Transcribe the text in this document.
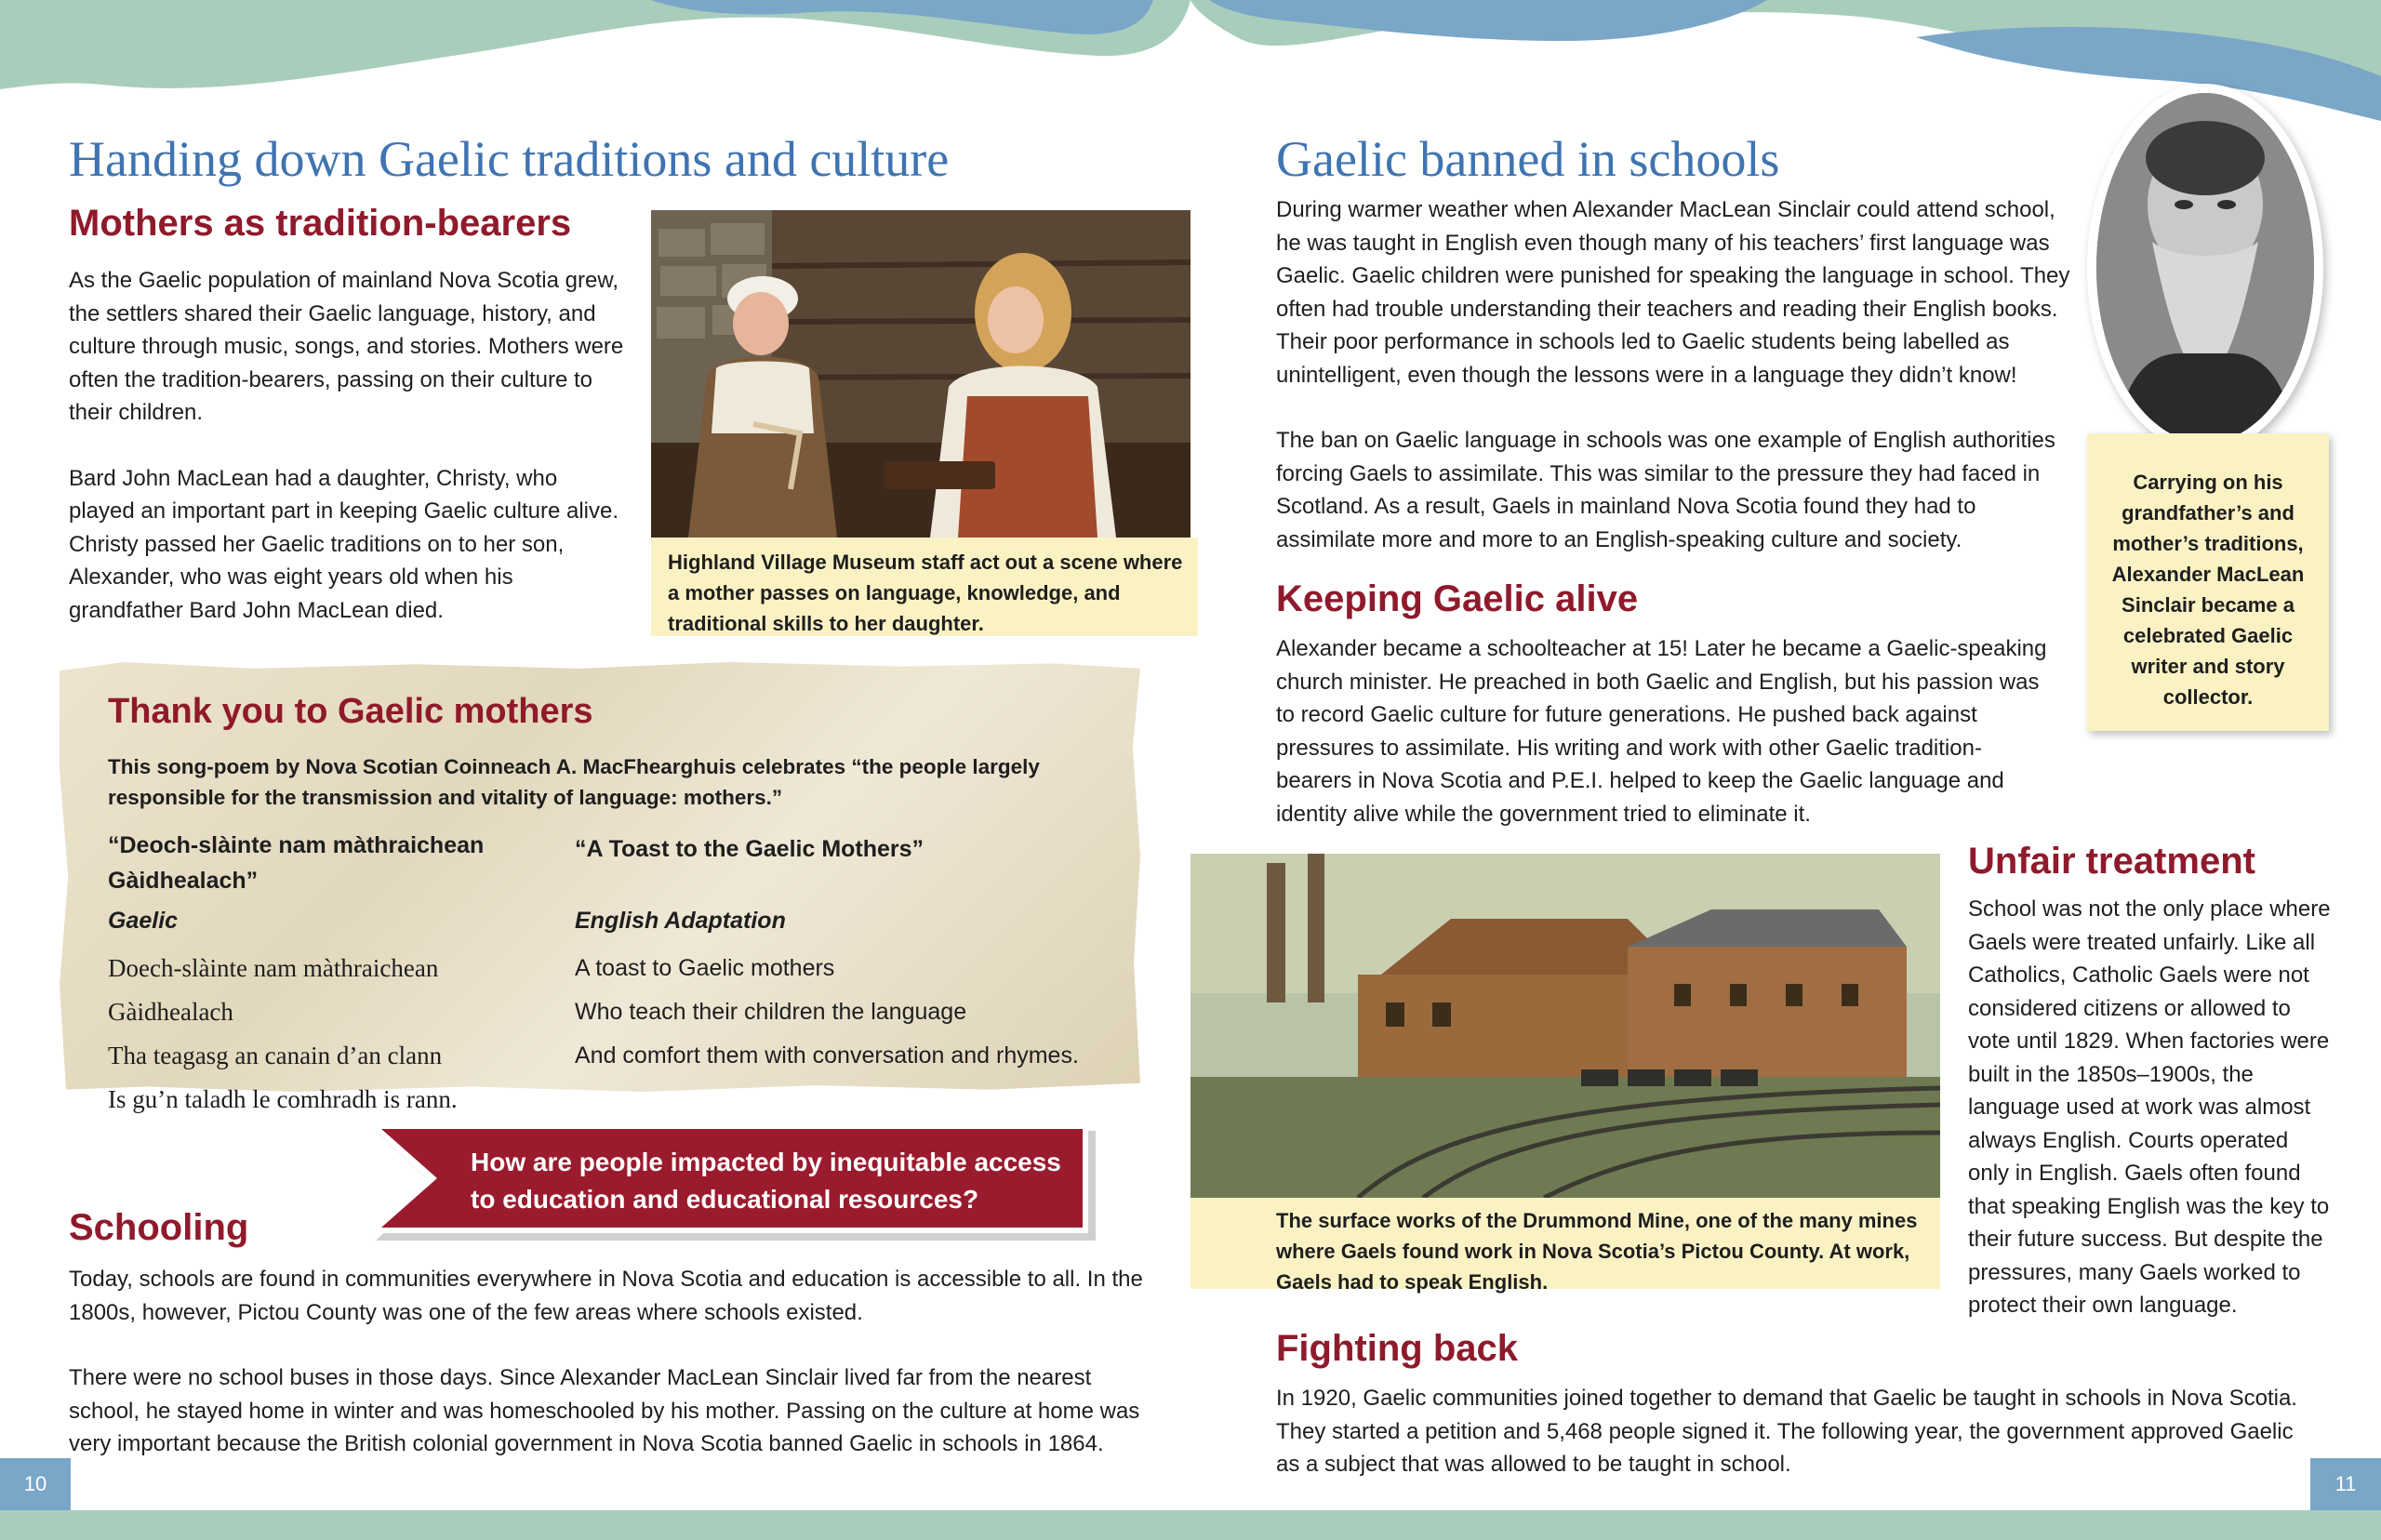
Handing down Gaelic traditions and culture
Mothers as tradition-bearers

As the Gaelic population of mainland Nova Scotia grew, the settlers shared their Gaelic language, history, and culture through music, songs, and stories. Mothers were often the tradition-bearers, passing on their culture to their children.

Bard John MacLean had a daughter, Christy, who played an important part in keeping Gaelic culture alive. Christy passed her Gaelic traditions on to her son, Alexander, who was eight years old when his grandfather Bard John MacLean died.

Highland Village Museum staff act out a scene where a mother passes on language, knowledge, and traditional skills to her daughter.
Thank you to Gaelic mothers
This song-poem by Nova Scotian Coinneach A. MacFhearghuis celebrates “the people largely responsible for the transmission and vitality of language: mothers.”
“Deoch-slàinte nam màthraichean Gàidhealach”
“A Toast to the Gaelic Mothers”
Gaelic	English Adaptation
Doech-slàinte nam màthraichean Gàidhealach
Tha teagasg an canain d’an clann
Is gu’n taladh le comhradh is rann.
A toast to Gaelic mothers
Who teach their children the language
And comfort them with conversation and rhymes.
How are people impacted by inequitable access to education and educational resources?
Schooling

Today, schools are found in communities everywhere in Nova Scotia and education is accessible to all. In the 1800s, however, Pictou County was one of the few areas where schools existed.

There were no school buses in those days. Since Alexander MacLean Sinclair lived far from the nearest school, he stayed home in winter and was homeschooled by his mother. Passing on the culture at home was very important because the British colonial government in Nova Scotia banned Gaelic in schools in 1864.

10
Gaelic banned in schools

During warmer weather when Alexander MacLean Sinclair could attend school, he was taught in English even though many of his teachers’ first language was Gaelic. Gaelic children were punished for speaking the language in school. They often had trouble understanding their teachers and reading their English books. Their poor performance in schools led to Gaelic students being labelled as unintelligent, even though the lessons were in a language they didn’t know!

The ban on Gaelic language in schools was one example of English authorities forcing Gaels to assimilate. This was similar to the pressure they had faced in Scotland. As a result, Gaels in mainland Nova Scotia found they had to assimilate more and more to an English-speaking culture and society.

Carrying on his grandfather’s and mother’s traditions, Alexander MacLean Sinclair became a celebrated Gaelic writer and story collector.
Keeping Gaelic alive
Alexander became a schoolteacher at 15! Later he became a Gaelic-speaking church minister. He preached in both Gaelic and English, but his passion was to record Gaelic culture for future generations. He pushed back against pressures to assimilate. His writing and work with other Gaelic tradition-bearers in Nova Scotia and P.E.I. helped to keep the Gaelic language and identity alive while the government tried to eliminate it.
The surface works of the Drummond Mine, one of the many mines where Gaels found work in Nova Scotia’s Pictou County. At work, Gaels had to speak English.
Unfair treatment
School was not the only place where Gaels were treated unfairly. Like all Catholics, Catholic Gaels were not considered citizens or allowed to vote until 1829. When factories were built in the 1850s–1900s, the language used at work was almost always English. Courts operated only in English. Gaels often found that speaking English was the key to their future success. But despite the pressures, many Gaels worked to protect their own language.
Fighting back
In 1920, Gaelic communities joined together to demand that Gaelic be taught in schools in Nova Scotia. They started a petition and 5,468 people signed it. The following year, the government approved Gaelic as a subject that was allowed to be taught in school.
11
